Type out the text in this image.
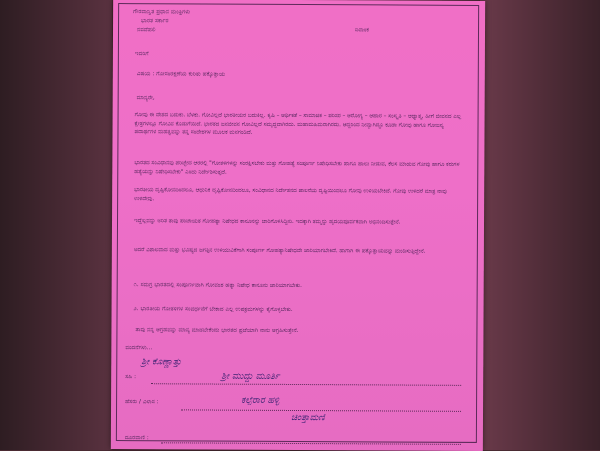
ಗೌರವಾನ್ವಿತ ಪ್ರಧಾನ ಮಂತ್ರಿಗಳು
ಭಾರತ ಸರ್ಕಾರ
ನವದೆಹಲಿ	ದಿನಾಂಕ
ಇವರಿಗೆ
ವಿಷಯ : ಗೋಸಂರಕ್ಷಣೆಯ ಕುರಿತು ಹಕ್ಕೊತ್ತಾಯ
ಮಾನ್ಯರೇ,
ಗೋವು ಈ ದೇಶದ ಬದುಕು. ಬೆಳಕು. ಗೋವಿಲ್ಲದೆ ಭಾರತೀಯರ ಬದುಕಿಲ್ಲ. ಕೃಷಿ – ಆರ್ಥಿಕತೆ – ಸಾಮಾಜಿಕ – ಪರಿಸರ – ಆರೋಗ್ಯ – ಆಹಾರ – ಸಂಸ್ಕೃತಿ – ಆಧ್ಯಾತ್ಮ, ಹೀಗೆ ಜೀವನದ ಎಲ್ಲ ಕ್ಷೇತ್ರಗಳಲ್ಲೂ ಗೋವಿನ ಕೊಡುಗೆಯಿದೆ. ಭಾರತದ ಜನಜೀವನ ಗೋವಿಲ್ಲದೆ ಸಮೃದ್ಧವಾಗಿರದು. ಮಹಾಮಹಿಮರಾಗಿರದು. ಆದ್ದರಿಂದ ನೀವ್ವಾಗಿದ್ದೂ ಕೂಡಾ ಗೋವು ಹಾಗೂ ಗೋಜನ್ಯ ಪದಾರ್ಥಗಳ ಮಹತ್ವವನ್ನು ತನ್ನ ಸಂದೇಶಗಳ ಮೂಲಕ ಮನಗಂಡಿದೆ.
ಭಾರತದ ಸಂವಿಧಾನವು ಪರಿಚ್ಛೇದ ಆರರಲ್ಲಿ "ಗೋತಳಿಗಳನ್ನು ಸಂರಕ್ಷಿಸಬೇಕು ಮತ್ತು ಗೋಹತ್ಯೆ ಸಂಪೂರ್ಣ ನಿಷೇಧಿಸಬೇಕು ಹಾಗೂ ಹಾಲು ನೀಡುವ, ಕೆಲಸ ಮಾಡುವ ಗೋವು ಹಾಗೂ ಕರುಗಳ ಹತ್ಯೆಯನ್ನು ನಿಷೇಧಿಸಬೇಕು" ಎಂದು ನಿರ್ದೇಶಿಸುತ್ತದೆ.
ಭಾರತೀಯ ದೃಷ್ಟಿಕೋನದಿಂದಲೂ, ಆಧುನಿಕ ದೃಷ್ಟಿಕೋನದಿಂದಲೂ, ಸಂವಿಧಾನದ ನಿರ್ದೇಶನದ ಪಾಲನೆಯ ದೃಷ್ಟಿಯಿಂದಲೂ ಗೋವು ಉಳಿಯಬೇಕಿದೆ. ಗೋವು ಉಳಿದರೆ ಮಾತ್ರ ನಾವು ಉಳಿದೇವು.
ಇದ್ದೆಲ್ಲವನ್ನು ಅರಿತ ತಾವು ಪಂಚಾಯತ ಗೋಹತ್ಯಾ ನಿಷೇಧದ ಕಾನೂನನ್ನು ಜಾರಿಗೊಳಿಸಿದ್ದೀರಿ. ಇದಕ್ಕಾಗಿ ತಮ್ಮನ್ನು ಹೃದಯಪೂರ್ವಕವಾಗಿ ಅಭಿನಂದಿಸುತ್ತೇನೆ.
ಅದರೆ ವಿಶಾಲವಾದ ಮತ್ತು ಭವಿಷ್ಯದ ಜಗತ್ತಿನ ಉಳಿಯುವಿಕೆಗಾಗಿ ಸಂಪೂರ್ಣ ಗೋಹತ್ಯಾನಿಷೇಧವೇ ಜಾರಿಯಾಗಬೇಕಿದೆ. ಹಾಗಾಗಿ ಈ ಹಕ್ಕೊತ್ತಾಯವನ್ನು ಮಂಡಿಸುತ್ತಿದ್ದೇನೆ.
೧. ಸಮಗ್ರ ಭಾರತದಲ್ಲಿ ಸಂಪೂರ್ಣವಾಗಿ ಗೋವಂಶ ಹತ್ಯಾ ನಿಷೇಧ ಕಾನೂನು ಜಾರಿಯಾಗಬೇಕು.
೨. ಭಾರತೀಯ ಗೋತಳಿಗಳ ಸಂವರ್ಧನೆಗೆ ಬೇಕಾದ ಎಲ್ಲ ಉಪಕ್ರಮಗಳನ್ನು ಕೈಗೊಳ್ಳಬೇಕು.
ತಾವು ನನ್ನ ಆಗ್ರಹವನ್ನು ಮಾನ್ಯ ಮಾಡಬೇಕೆಂದು ಭಾರತದ ಪ್ರಜೆಯಾಗಿ ನಾನು ಆಗ್ರಹಿಸುತ್ತೇನೆ.
ವಂದನೆಗಳು...
ಶ್ರೀ ಕೊಣ್ಣಾತ್ತು
ಸಹಿ :	ಶ್ರೀ ಮುದ್ದು ಮೂರ್ತಿ
ಹೆಸರು / ವಿಳಾಸ :	ಕಲ್ಪೆರಾರ ಹಳ್ಳಿ
ಚಿಂತ್ತಾಮಣಿ
ದೂರವಾಣಿ :
